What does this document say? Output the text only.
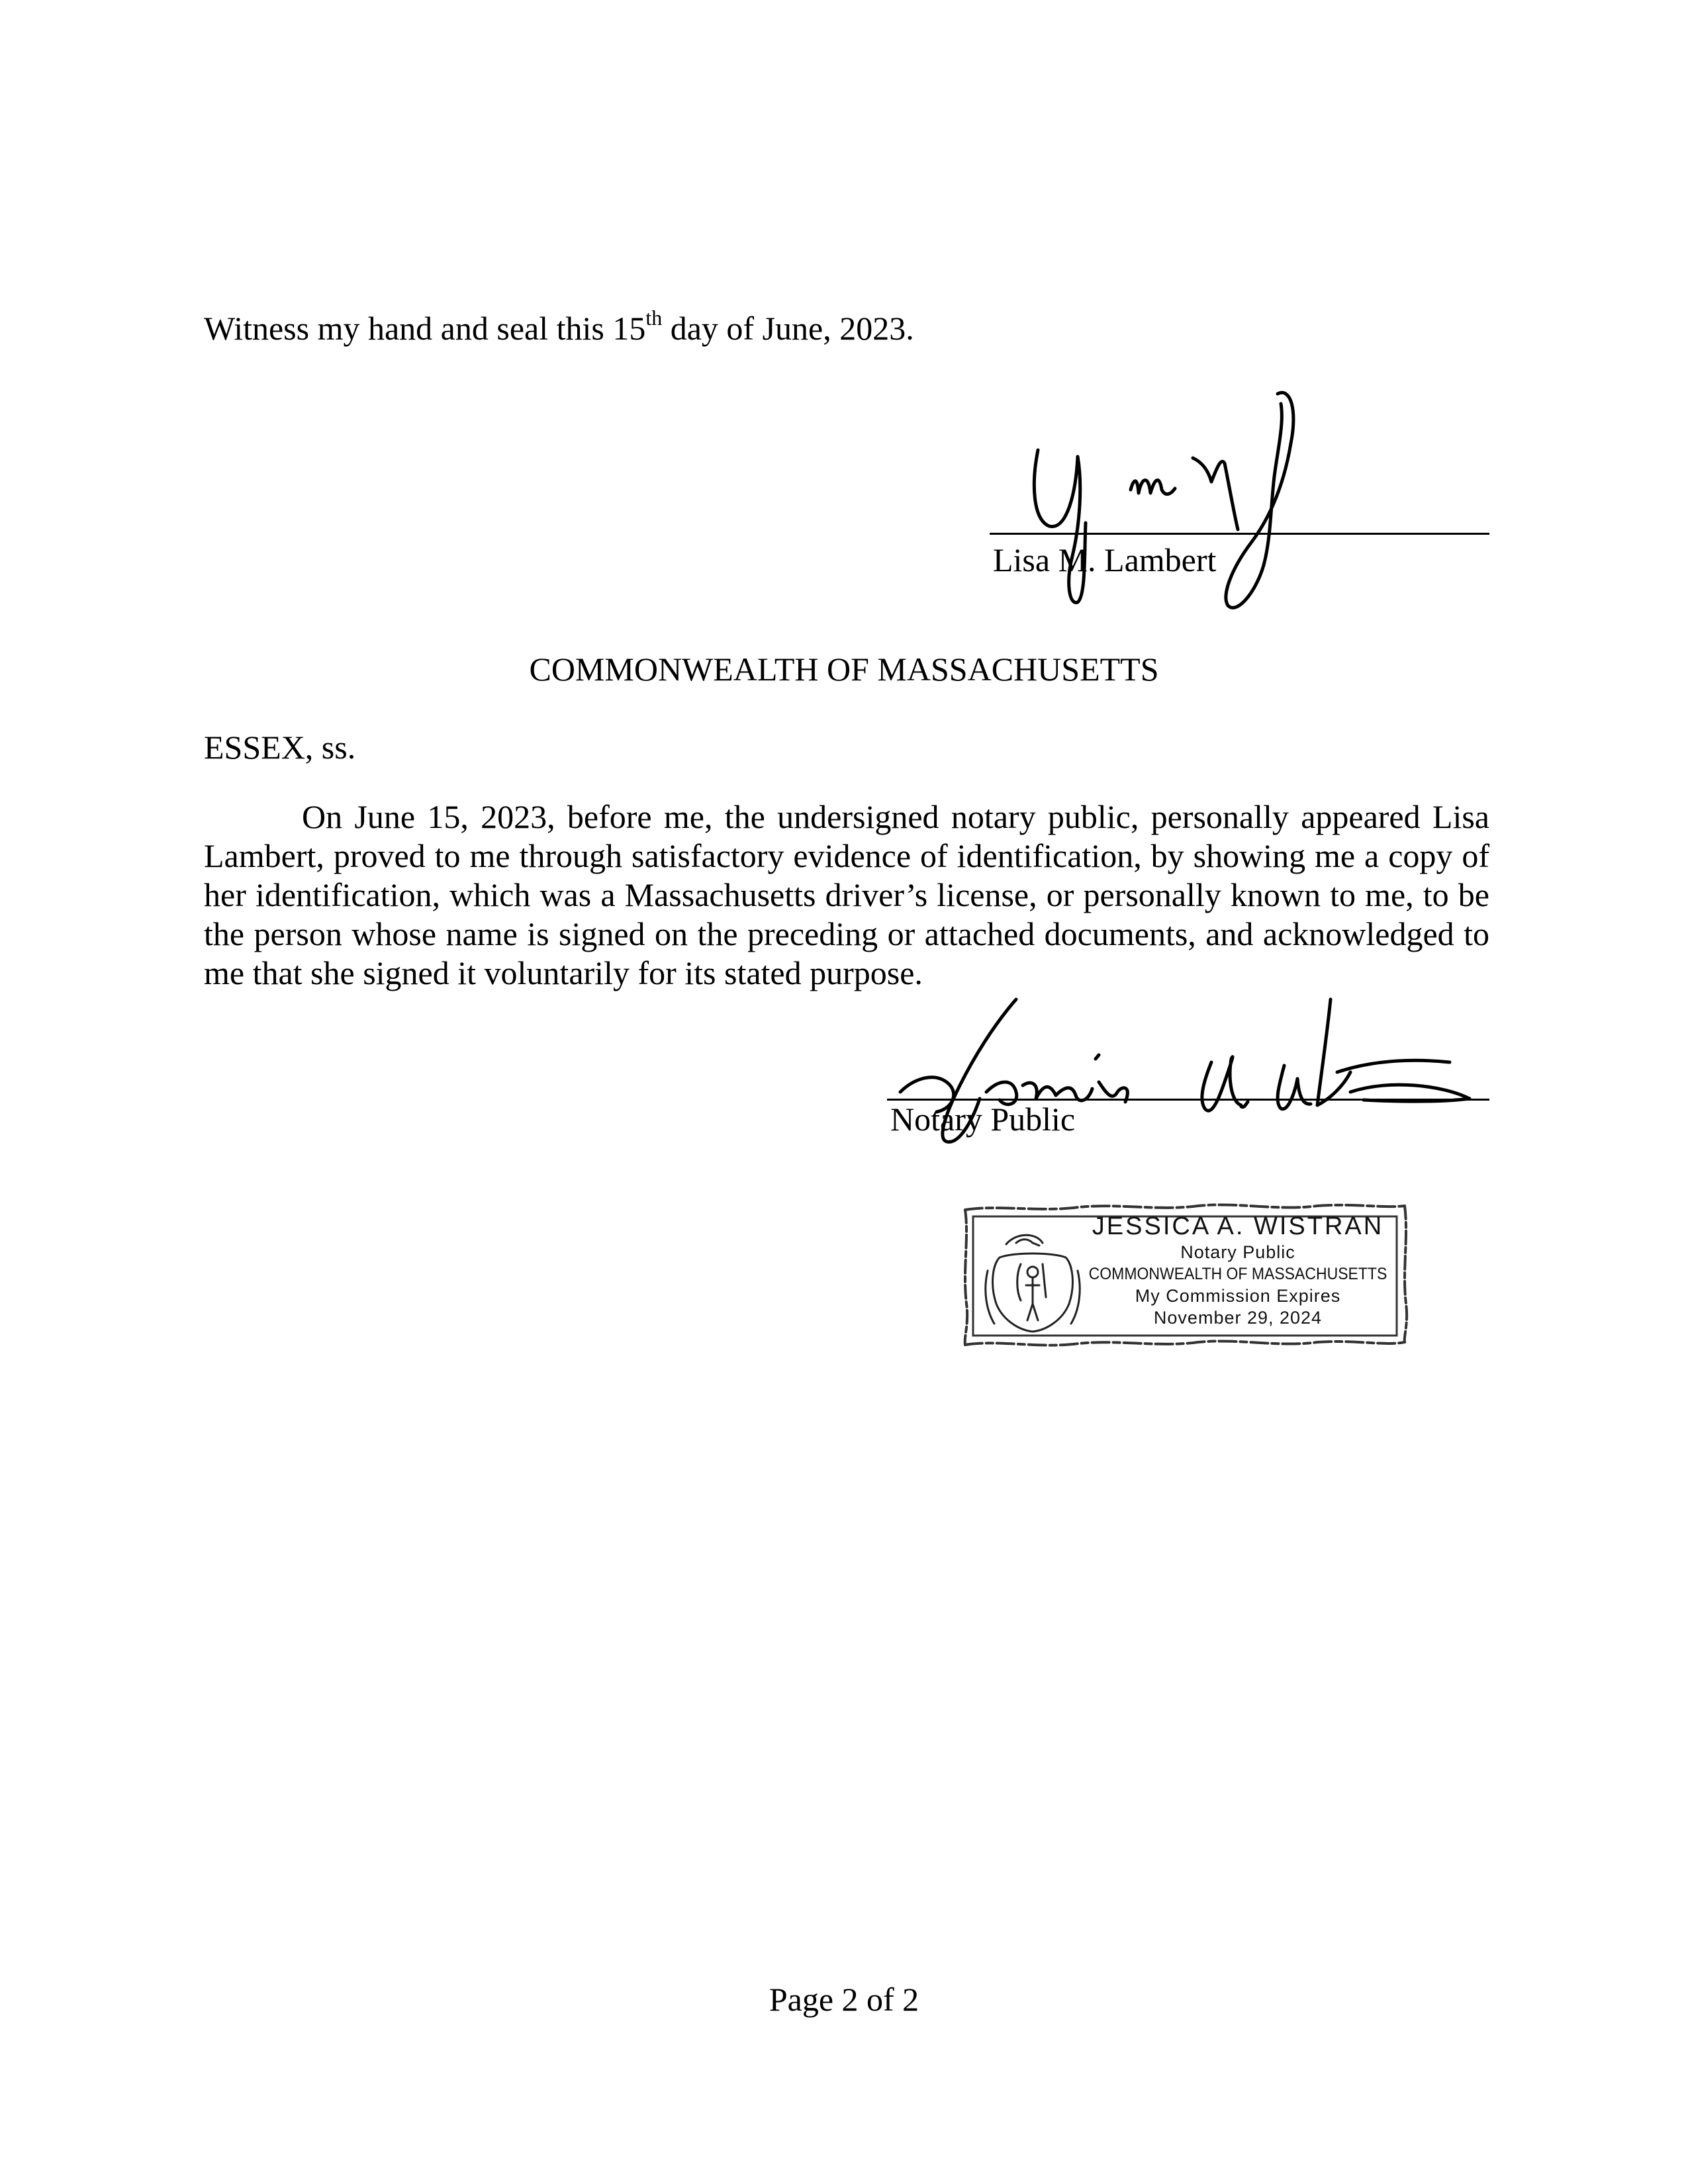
Witness my hand and seal this 15th day of June, 2023.
Lisa M. Lambert
COMMONWEALTH OF MASSACHUSETTS
ESSEX, ss.
On June 15, 2023, before me, the undersigned notary public, personally appeared Lisa Lambert, proved to me through satisfactory evidence of identification, by showing me a copy of her identification, which was a Massachusetts driver’s license, or personally known to me, to be the person whose name is signed on the preceding or attached documents, and acknowledged to me that she signed it voluntarily for its stated purpose.
Notary Public
JESSICA A. WISTRAN
Notary Public
COMMONWEALTH OF MASSACHUSETTS
My Commission Expires
November 29, 2024
Page 2 of 2
